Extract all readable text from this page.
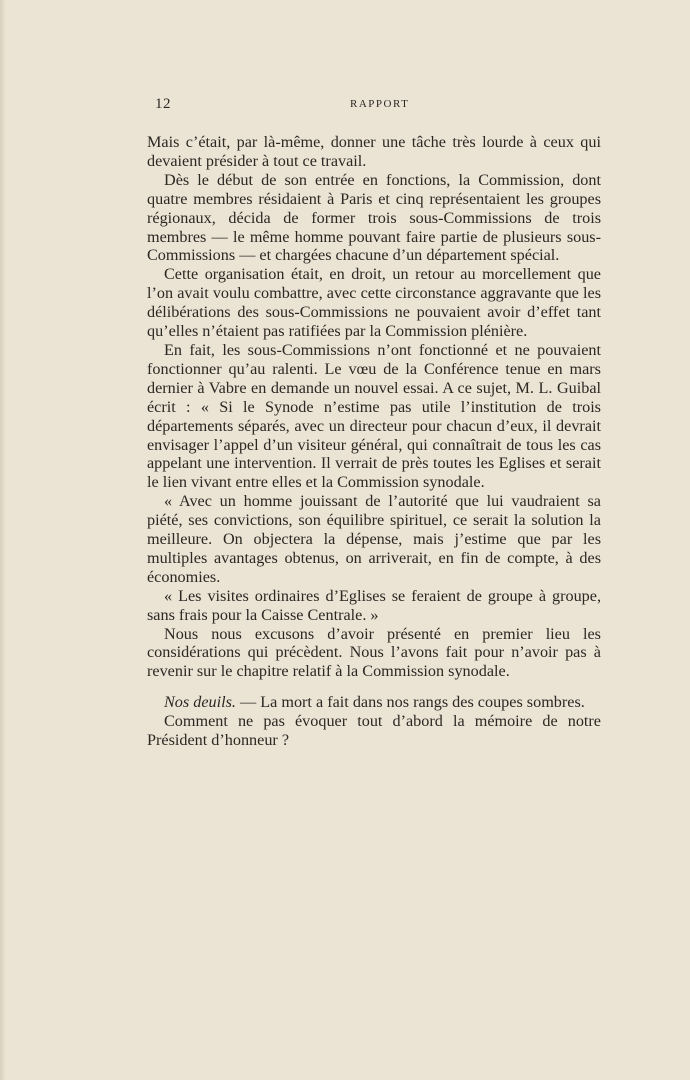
12	RAPPORT

Mais c’était, par là-même, donner une tâche très lourde à ceux qui devaient présider à tout ce travail.

Dès le début de son entrée en fonctions, la Commission, dont quatre membres résidaient à Paris et cinq représentaient les groupes régionaux, décida de former trois sous-Commissions de trois membres — le même homme pouvant faire partie de plusieurs sous-Commissions — et chargées chacune d’un département spécial.

Cette organisation était, en droit, un retour au morcellement que l’on avait voulu combattre, avec cette circonstance aggravante que les délibérations des sous-Commissions ne pouvaient avoir d’effet tant qu’elles n’étaient pas ratifiées par la Commission plénière.

En fait, les sous-Commissions n’ont fonctionné et ne pouvaient fonctionner qu’au ralenti. Le vœu de la Conférence tenue en mars dernier à Vabre en demande un nouvel essai. A ce sujet, M. L. Guibal écrit : « Si le Synode n’estime pas utile l’institution de trois départements séparés, avec un directeur pour chacun d’eux, il devrait envisager l’appel d’un visiteur général, qui connaîtrait de tous les cas appelant une intervention. Il verrait de près toutes les Eglises et serait le lien vivant entre elles et la Commission synodale.

« Avec un homme jouissant de l’autorité que lui vaudraient sa piété, ses convictions, son équilibre spirituel, ce serait la solution la meilleure. On objectera la dépense, mais j’estime que par les multiples avantages obtenus, on arriverait, en fin de compte, à des économies.

« Les visites ordinaires d’Eglises se feraient de groupe à groupe, sans frais pour la Caisse Centrale. »

Nous nous excusons d’avoir présenté en premier lieu les considérations qui précèdent. Nous l’avons fait pour n’avoir pas à revenir sur le chapitre relatif à la Commission synodale.

Nos deuils. — La mort a fait dans nos rangs des coupes sombres.

Comment ne pas évoquer tout d’abord la mémoire de notre Président d’honneur ?
